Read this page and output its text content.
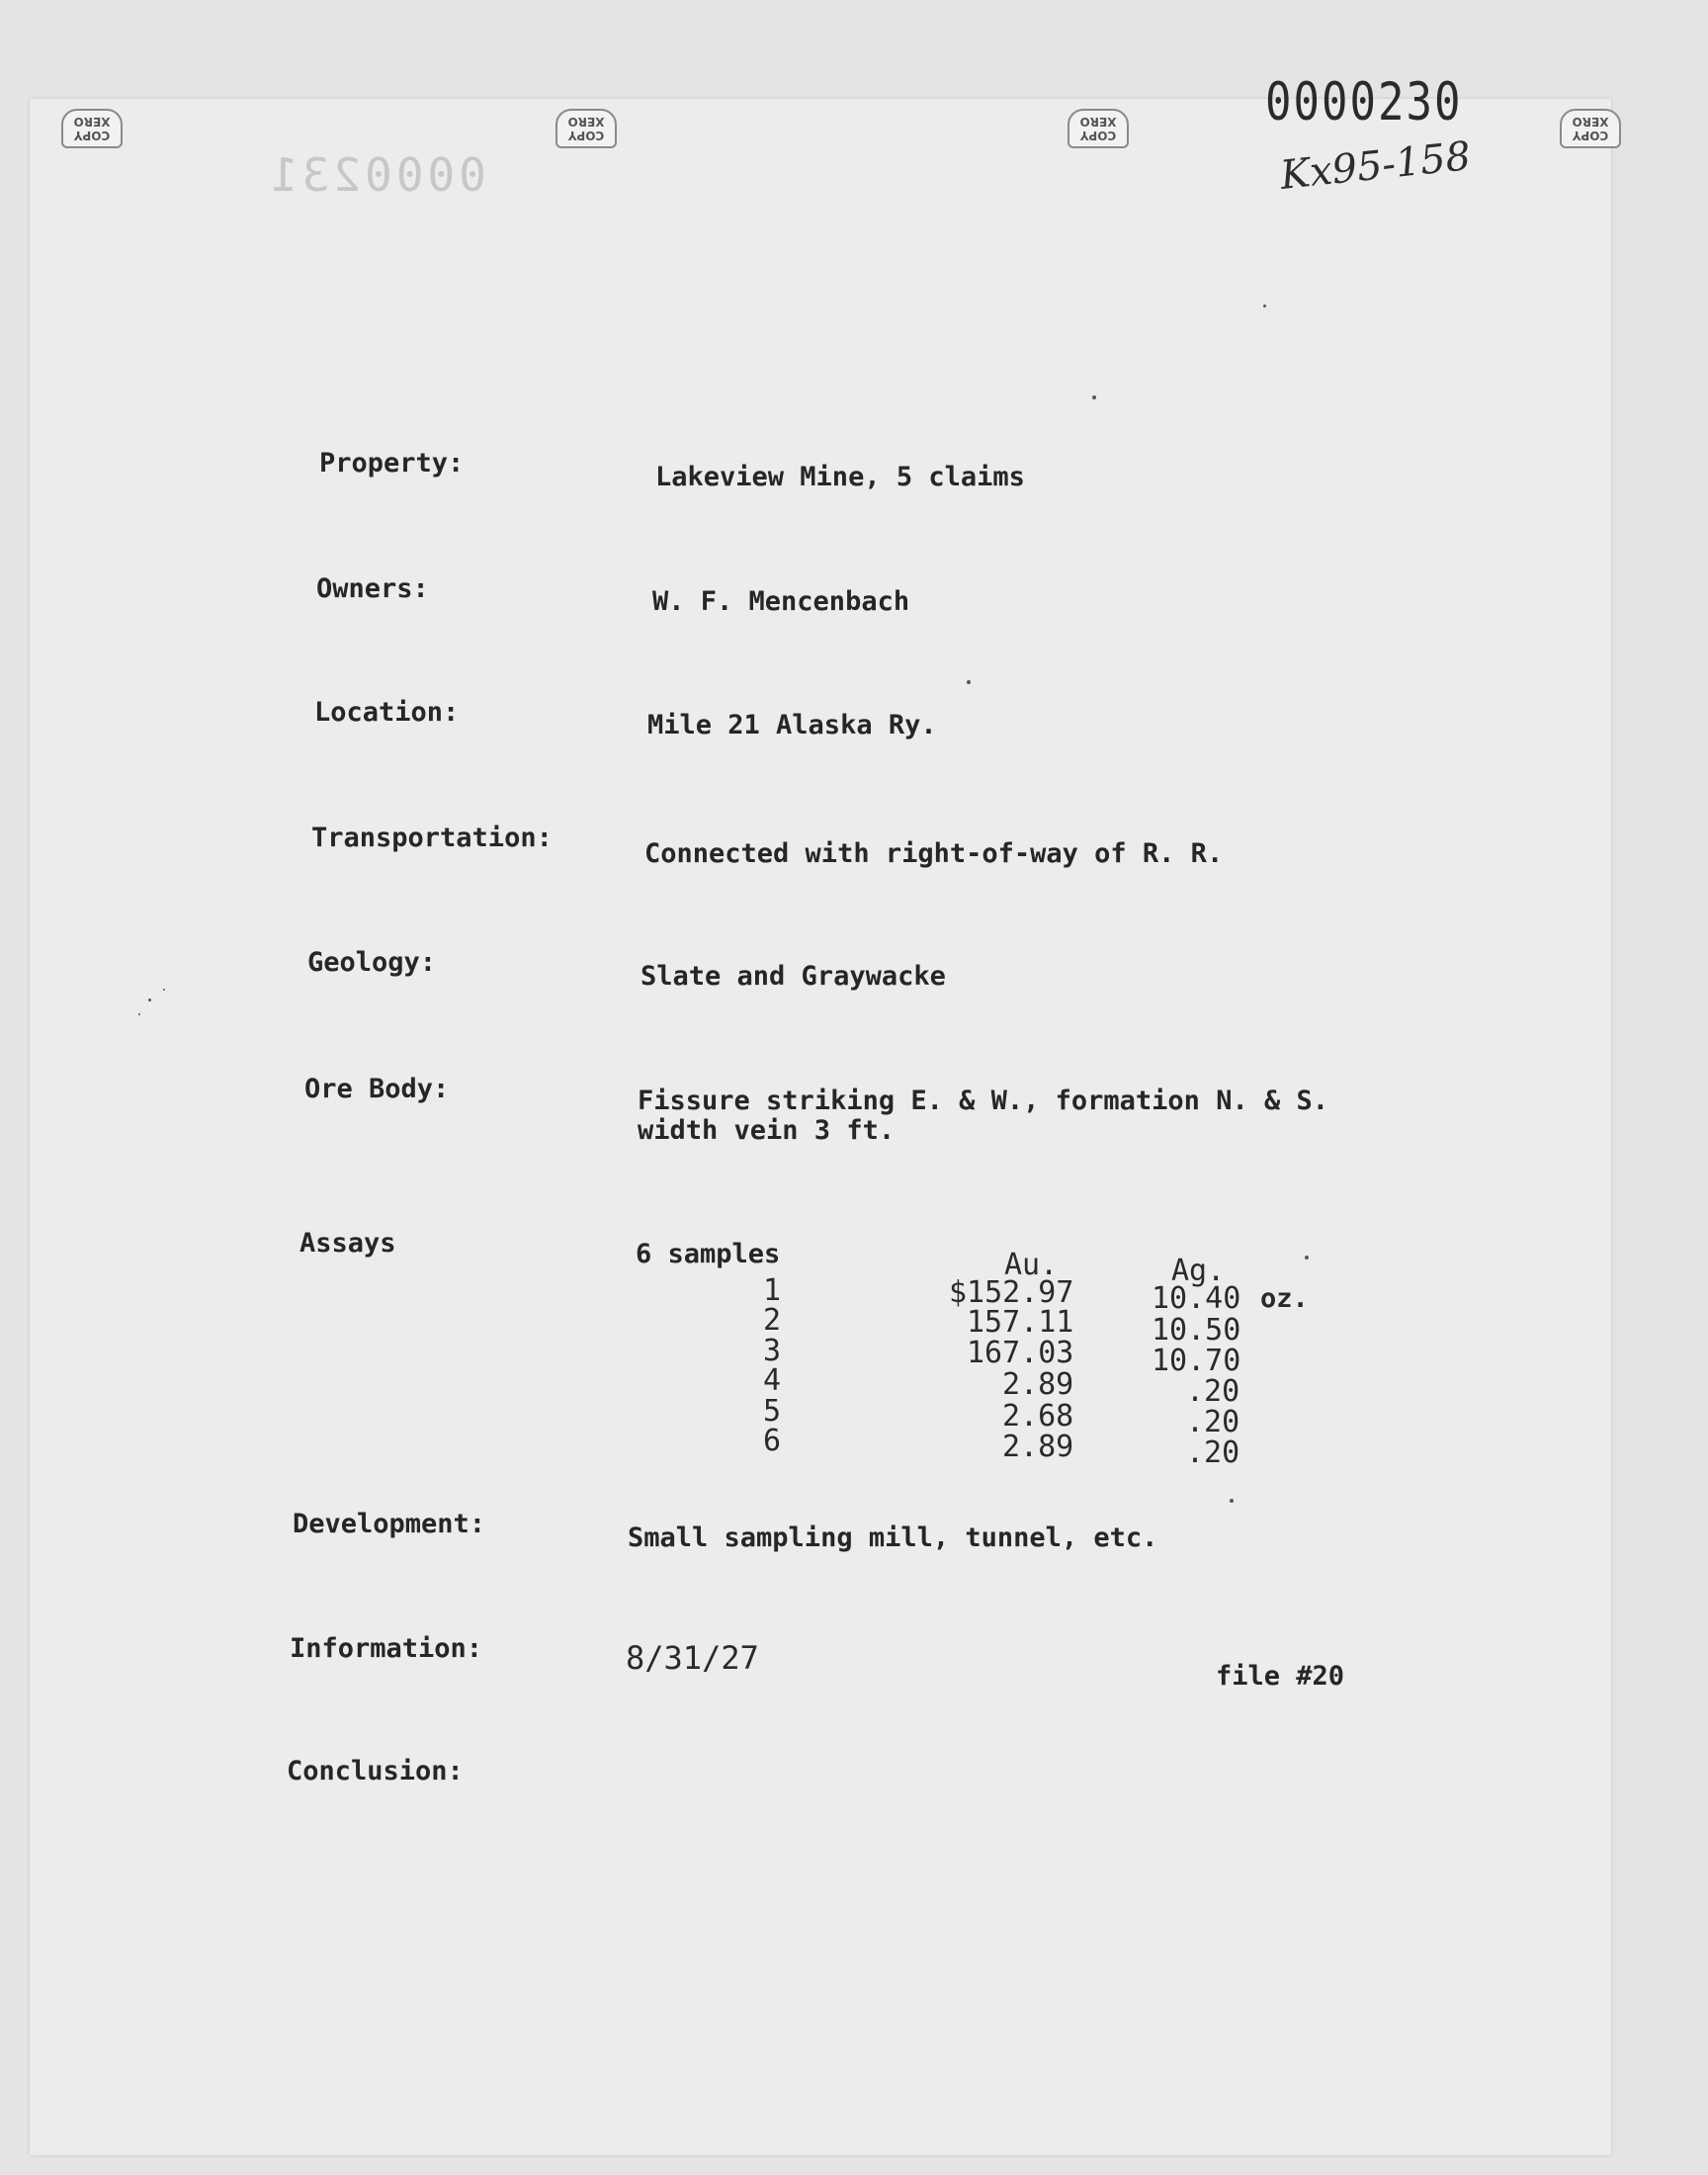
COPY
XERO
COPY
XERO
COPY
XERO
COPY
XERO
0000231
0000230
Kx95-158
Property:	Lakeview Mine, 5 claims
Owners:	W. F. Mencenbach
Location:	Mile 21 Alaska Ry.
Transportation:
Connected with right-of-way of R. R.
Geology:	Slate and Graywacke
Ore Body:	Fissure striking E. & W., formation N. & S.
width vein 3 ft.
Assays	6 samples	Au.	Ag.
1	$152.97	10.40 oz.
2	157.11	10.50
3	167.03	10.70
4	2.89	.20
5	2.68	.20
6	2.89	.20
Development:	Small sampling mill, tunnel, etc.
Information:	8/31/27	file #20
Conclusion:
